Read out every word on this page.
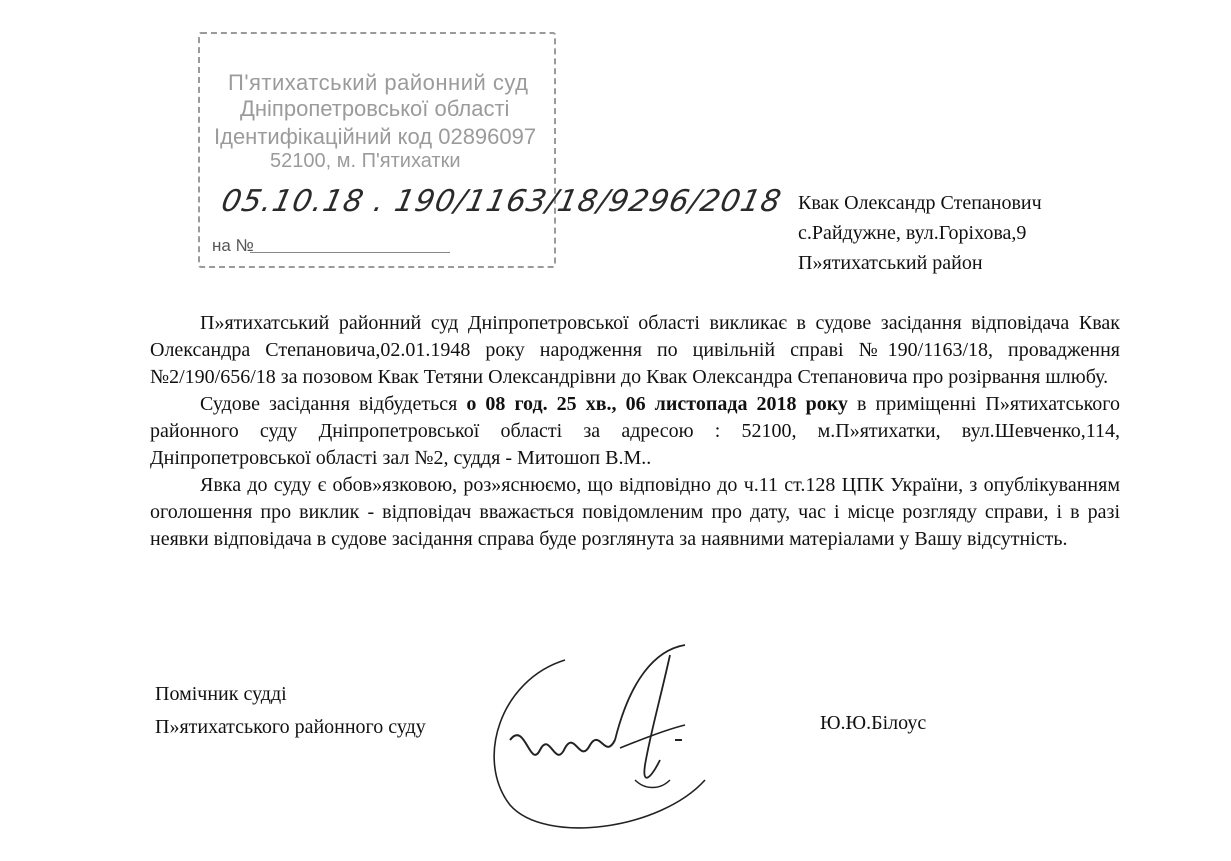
П'ятихатський районний суд
Дніпропетровської області
Ідентифікаційний код 02896097
52100, м. П'ятихатки
05.10.18 . 190/1163/18/9296/2018
на №
Квак Олександр Степанович
с.Райдужне, вул.Горіхова,9
П»ятихатський район

П»ятихатський районний суд Дніпропетровської області викликає в судове засідання відповідача Квак Олександра Степановича,02.01.1948 року народження по цивільній справі №190/1163/18, провадження №2/190/656/18 за позовом Квак Тетяни Олександрівни до Квак Олександра Степановича про розірвання шлюбу.

Судове засідання відбудеться о 08 год. 25 хв., 06 листопада 2018 року в приміщенні П»ятихатського районного суду Дніпропетровської області за адресою : 52100, м.П»ятихатки, вул.Шевченко,114, Дніпропетровської області зал №2, суддя - Митошоп В.М..

Явка до суду є обов»язковою, роз»яснюємо, що відповідно до ч.11 ст.128 ЦПК України, з опублікуванням оголошення про виклик - відповідач вважається повідомленим про дату, час і місце розгляду справи, і в разі неявки відповідача в судове засідання справа буде розглянута за наявними матеріалами у Вашу відсутність.

Помічник судді
П»ятихатського районного суду	Ю.Ю.Білоус
